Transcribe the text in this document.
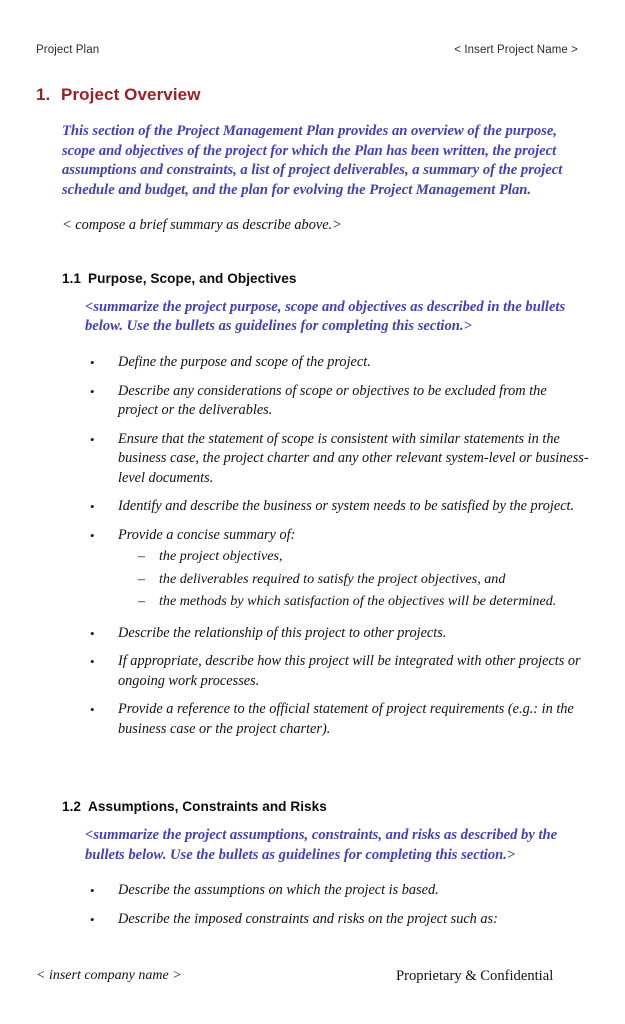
Project Plan	< Insert Project Name >
1. Project Overview

This section of the Project Management Plan provides an overview of the purpose, scope and objectives of the project for which the Plan has been written, the project assumptions and constraints, a list of project deliverables, a summary of the project schedule and budget, and the plan for evolving the Project Management Plan.

< compose a brief summary as describe above.>

1.1 Purpose, Scope, and Objectives

<summarize the project purpose, scope and objectives as described in the bullets below. Use the bullets as guidelines for completing this section.>

• Define the purpose and scope of the project.
• Describe any considerations of scope or objectives to be excluded from the project or the deliverables.
• Ensure that the statement of scope is consistent with similar statements in the business case, the project charter and any other relevant system-level or business-level documents.
• Identify and describe the business or system needs to be satisfied by the project.
• Provide a concise summary of:
– the project objectives,
– the deliverables required to satisfy the project objectives, and
– the methods by which satisfaction of the objectives will be determined.
• Describe the relationship of this project to other projects.
• If appropriate, describe how this project will be integrated with other projects or ongoing work processes.
• Provide a reference to the official statement of project requirements (e.g.: in the business case or the project charter).
1.2 Assumptions, Constraints and Risks

<summarize the project assumptions, constraints, and risks as described by the bullets below. Use the bullets as guidelines for completing this section.>

• Describe the assumptions on which the project is based.
• Describe the imposed constraints and risks on the project such as:
< insert company name >	Proprietary & Confidential
